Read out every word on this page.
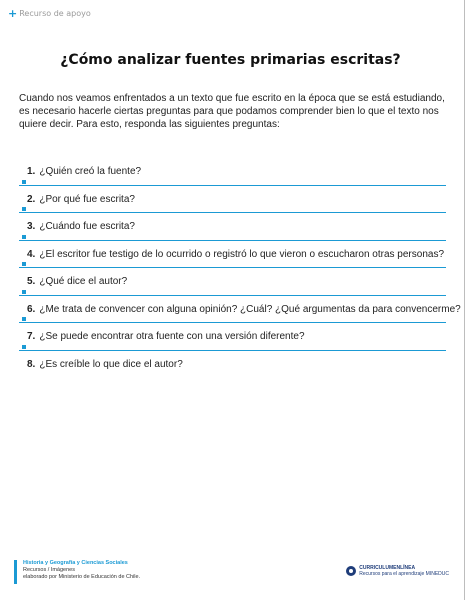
+ Recurso de apoyo
¿Cómo analizar fuentes primarias escritas?
Cuando nos veamos enfrentados a un texto que fue escrito en la época que se está estudiando, es necesario hacerle ciertas preguntas para que podamos comprender bien lo que el texto nos quiere decir. Para esto, responda las siguientes preguntas:
1. ¿Quién creó la fuente?
2. ¿Por qué fue escrita?
3. ¿Cuándo fue escrita?
4. ¿El escritor fue testigo de lo ocurrido o registró lo que vieron o escucharon otras personas?
5. ¿Qué dice el autor?
6. ¿Me trata de convencer con alguna opinión? ¿Cuál? ¿Qué argumentas da para convencerme?
7. ¿Se puede encontrar otra fuente con una versión diferente?
8. ¿Es creíble lo que dice el autor?
Historia y Geografía y Ciencias Sociales
Recursos / Imágenes
elaborado por Ministerio de Educación de Chile.
CURRICULUMENLÍNEA
Recursos para el aprendizaje MINEDUC
